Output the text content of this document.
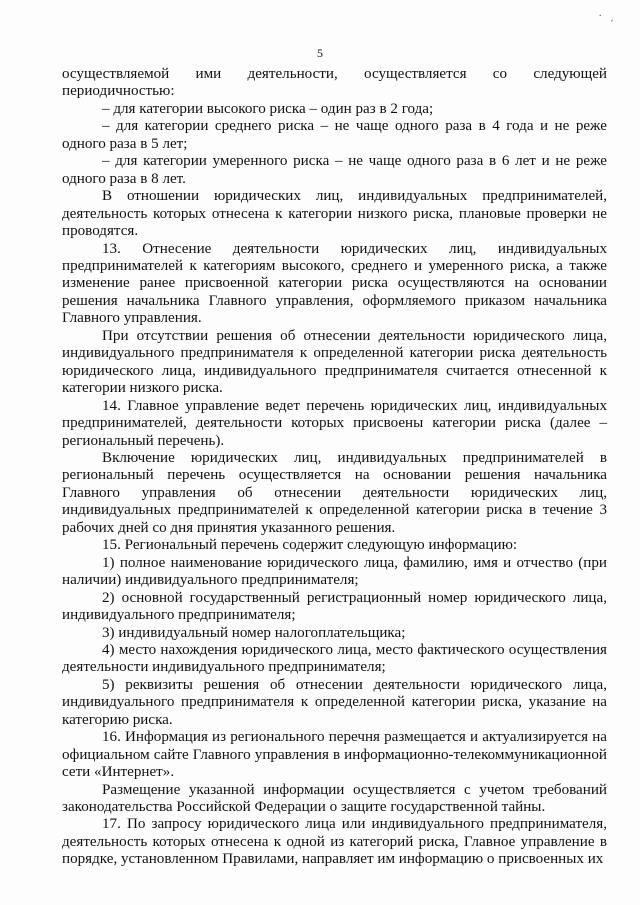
· ˏ
5

осуществляемой ими деятельности, осуществляется со следующей периодичностью:

– для категории высокого риска – один раз в 2 года;

– для категории среднего риска – не чаще одного раза в 4 года и не реже одного раза в 5 лет;

– для категории умеренного риска – не чаще одного раза в 6 лет и не реже одного раза в 8 лет.

В отношении юридических лиц, индивидуальных предпринимателей, деятельность которых отнесена к категории низкого риска, плановые проверки не проводятся.

13. Отнесение деятельности юридических лиц, индивидуальных предпринимателей к категориям высокого, среднего и умеренного риска, а также изменение ранее присвоенной категории риска осуществляются на основании решения начальника Главного управления, оформляемого приказом начальника Главного управления.

При отсутствии решения об отнесении деятельности юридического лица, индивидуального предпринимателя к определенной категории риска деятельность юридического лица, индивидуального предпринимателя считается отнесенной к категории низкого риска.

14. Главное управление ведет перечень юридических лиц, индивидуальных предпринимателей, деятельности которых присвоены категории риска (далее – региональный перечень).

Включение юридических лиц, индивидуальных предпринимателей в региональный перечень осуществляется на основании решения начальника Главного управления об отнесении деятельности юридических лиц, индивидуальных предпринимателей к определенной категории риска в течение 3 рабочих дней со дня принятия указанного решения.

15. Региональный перечень содержит следующую информацию:

1) полное наименование юридического лица, фамилию, имя и отчество (при наличии) индивидуального предпринимателя;

2) основной государственный регистрационный номер юридического лица, индивидуального предпринимателя;

3) индивидуальный номер налогоплательщика;

4) место нахождения юридического лица, место фактического осуществления деятельности индивидуального предпринимателя;

5) реквизиты решения об отнесении деятельности юридического лица, индивидуального предпринимателя к определенной категории риска, указание на категорию риска.

16. Информация из регионального перечня размещается и актуализируется на официальном сайте Главного управления в информационно-телекоммуникационной сети «Интернет».

Размещение указанной информации осуществляется с учетом требований законодательства Российской Федерации о защите государственной тайны.

17. По запросу юридического лица или индивидуального предпринимателя, деятельность которых отнесена к одной из категорий риска, Главное управление в порядке, установленном Правилами, направляет им информацию о присвоенных их
